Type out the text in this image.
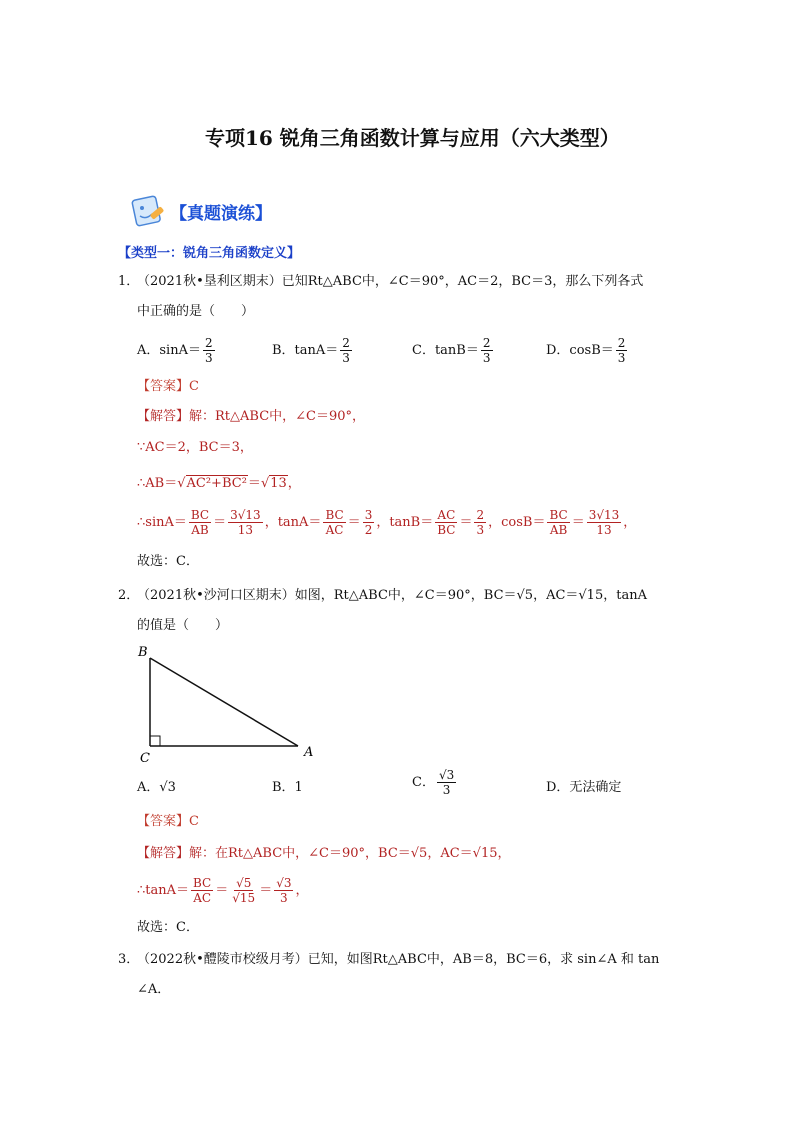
专项16 锐角三角函数计算与应用（六大类型）
【真题演练】
【类型一：锐角三角函数定义】
1．
（2021秋•垦利区期末）已知Rt△ABC中，∠C＝90°，AC＝2，BC＝3，那么下列各式
中正确的是（　　）
A．$\sin A= \frac{2}{3}$	B．$\tan A= \frac{2}{3}$	C．$\tan B= \frac{2}{3}$	D．$\cos B= \frac{2}{3}$
【答案】C
【解答】解：Rt△ABC中，∠C＝90°，
∵AC＝2，BC＝3，
∴AB＝√AC²+BC²＝√13，
∴sinA＝ $\frac{BC}{AB} = \frac{3√13}{13}$ ，$\tan A= \frac{BC}{AC} = \frac{3}{2}$ ，$\tan B= \frac{AC}{BC} = \frac{2}{3}$ ，$\cos B= \frac{BC}{AB} = \frac{3√13}{13}$ ，
故选：C．
2．
（2021秋•沙河口区期末）如图，Rt△ABC中，∠C＝90°，BC＝√5，AC＝√15，tanA
的值是（　　）
B
C	A
A．√3	B．1	C． $\frac{√3}{3}$	D．无法确定
【答案】C
【解答】解：在Rt△ABC中，∠C＝90°，BC＝√5，AC＝√15，
∴tanA＝ $\frac{BC}{AC} = \frac{√5}{√15} = \frac{√3}{3}$ ，
故选：C．
3．
（2022秋•醴陵市校级月考）已知，如图Rt△ABC中，AB＝8，BC＝6，求 sin∠A 和 tan
∠A．
